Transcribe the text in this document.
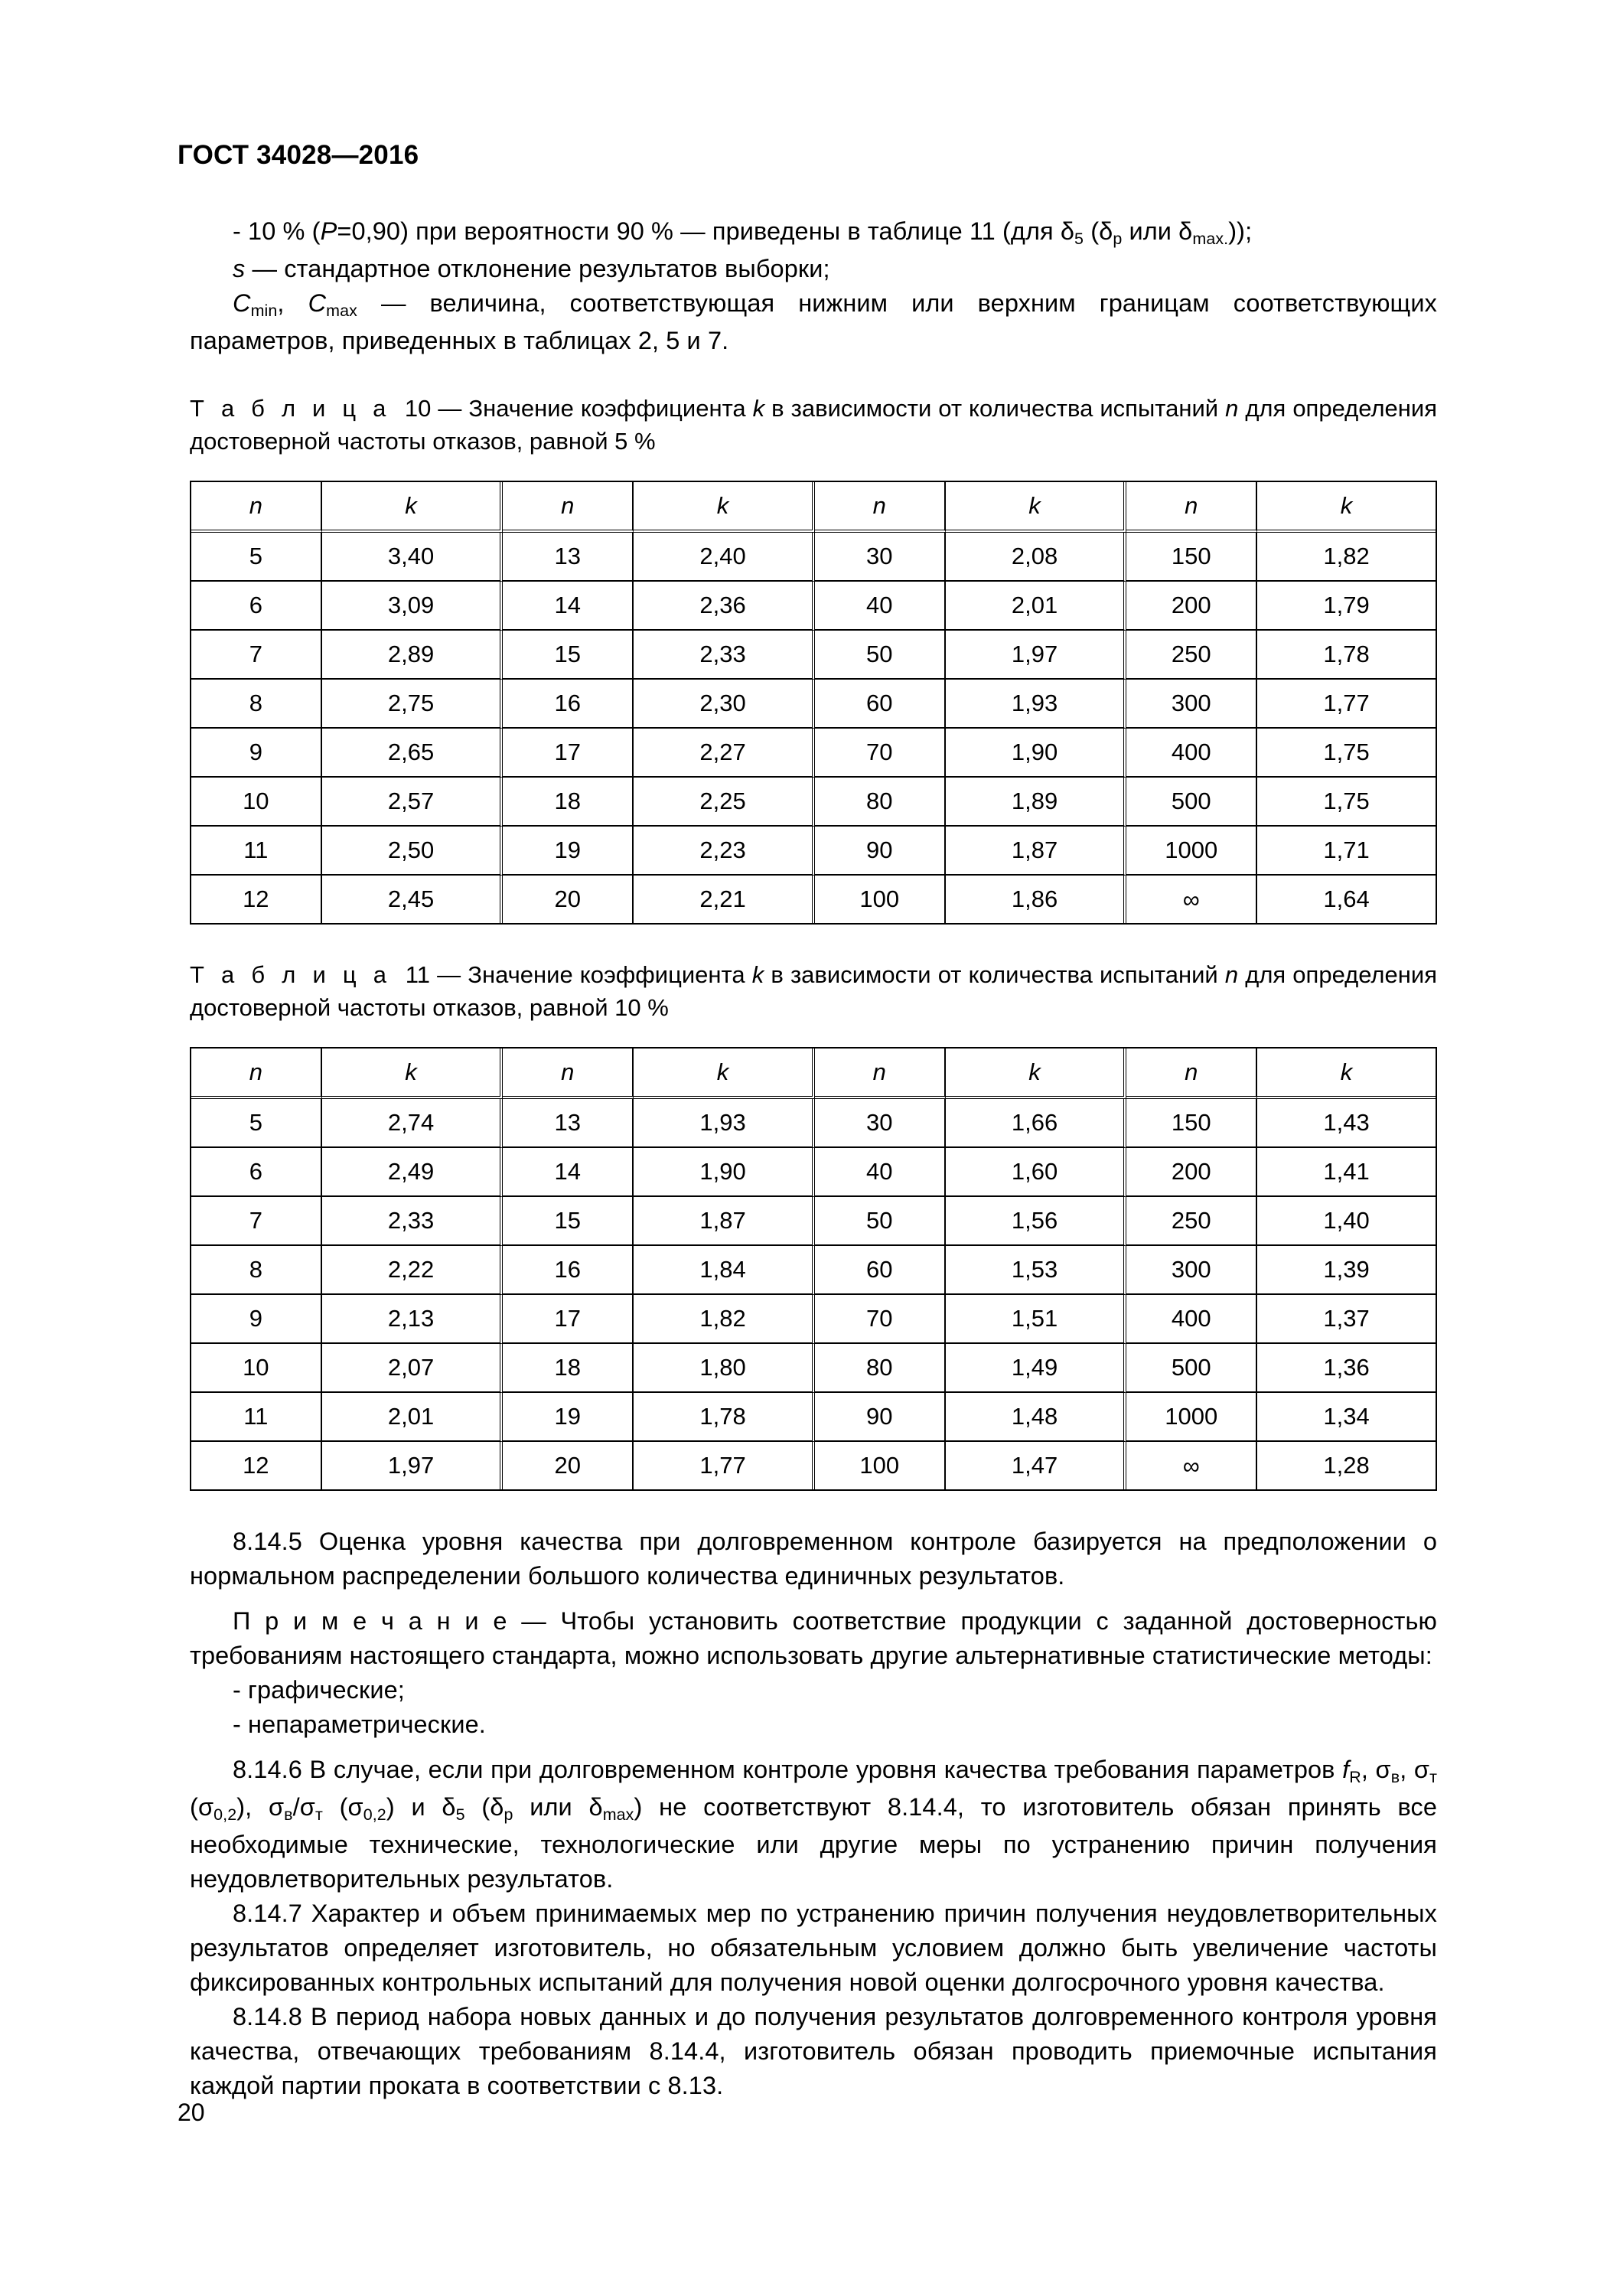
ГОСТ 34028—2016
- 10 % (P=0,90) при вероятности 90 % — приведены в таблице 11 (для $\delta_5$ ($\delta_p$ или $\delta_{max.}$));
s — стандартное отклонение результатов выборки;
$C_{min}$, $C_{max}$ — величина, соответствующая нижним или верхним границам соответствующих параметров, приведенных в таблицах 2, 5 и 7.
Т а б л и ц а 10 — Значение коэффициента k в зависимости от количества испытаний n для определения достоверной частоты отказов, равной 5 %
n	k	n	k	n	k	n	k
5	3,40	13	2,40	30	2,08	150	1,82
6	3,09	14	2,36	40	2,01	200	1,79
7	2,89	15	2,33	50	1,97	250	1,78
8	2,75	16	2,30	60	1,93	300	1,77
9	2,65	17	2,27	70	1,90	400	1,75
10	2,57	18	2,25	80	1,89	500	1,75
11	2,50	19	2,23	90	1,87	1000	1,71
12	2,45	20	2,21	100	1,86	∞	1,64
Т а б л и ц а 11 — Значение коэффициента k в зависимости от количества испытаний n для определения достоверной частоты отказов, равной 10 %
n	k	n	k	n	k	n	k
5	2,74	13	1,93	30	1,66	150	1,43
6	2,49	14	1,90	40	1,60	200	1,41
7	2,33	15	1,87	50	1,56	250	1,40
8	2,22	16	1,84	60	1,53	300	1,39
9	2,13	17	1,82	70	1,51	400	1,37
10	2,07	18	1,80	80	1,49	500	1,36
11	2,01	19	1,78	90	1,48	1000	1,34
12	1,97	20	1,77	100	1,47	∞	1,28

8.14.5 Оценка уровня качества при долговременном контроле базируется на предположении о нормальном распределении большого количества единичных результатов.

П р и м е ч а н и е — Чтобы установить соответствие продукции с заданной достоверностью требованиям настоящего стандарта, можно использовать другие альтернативные статистические методы:
- графические;
- непараметрические.
8.14.6 В случае, если при долговременном контроле уровня качества требования параметров $f_R$, $\sigma_в$, $\sigma_т$ $(\sigma_{0,2})$, $\sigma_в/\sigma_т$ $(\sigma_{0,2})$ и $\delta_5$ ($\delta_p$ или $\delta_{max}$) не соответствуют 8.14.4, то изготовитель обязан принять все необходимые технические, технологические или другие меры по устранению причин получения неудовлетворительных результатов.

8.14.7 Характер и объем принимаемых мер по устранению причин получения неудовлетворительных результатов определяет изготовитель, но обязательным условием должно быть увеличение частоты фиксированных контрольных испытаний для получения новой оценки долгосрочного уровня качества.

8.14.8 В период набора новых данных и до получения результатов долговременного контроля уровня качества, отвечающих требованиям 8.14.4, изготовитель обязан проводить приемочные испытания каждой партии проката в соответствии с 8.13.

20
